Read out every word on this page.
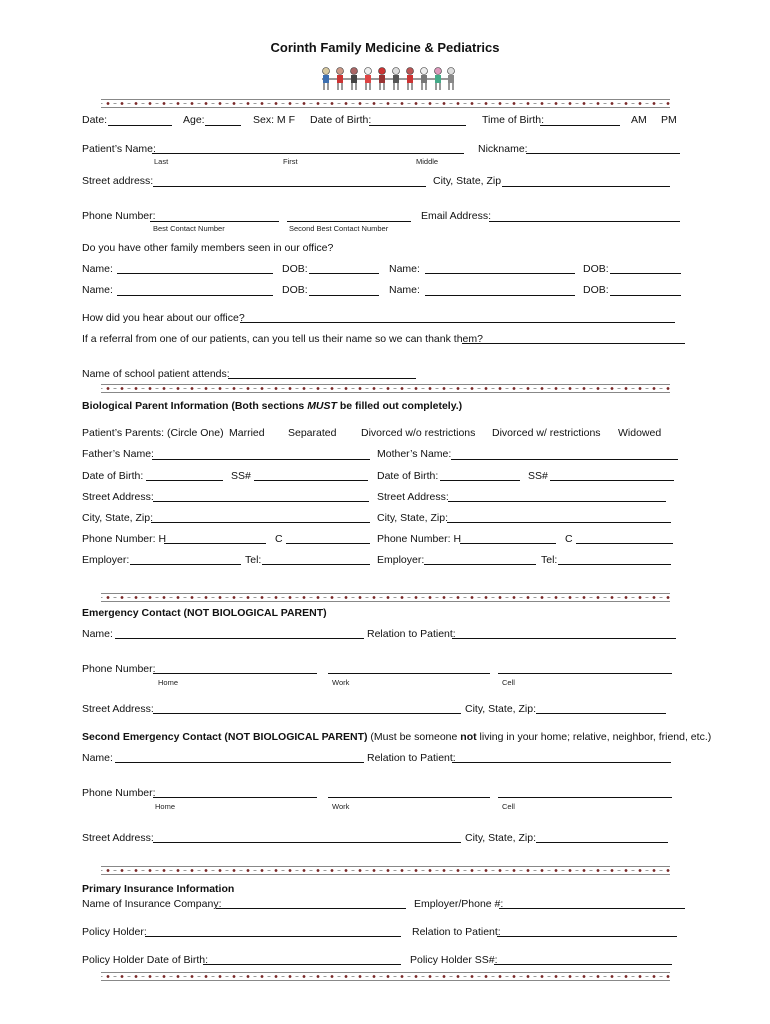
Corinth Family Medicine & Pediatrics
Date:	Age:	Sex: M F Date of Birth:	Time of Birth:	AM PM
Patient’s Name:	Nickname:
Last	First	Middle
Street address:	City, State, Zip
Phone Number:	Email Address:
Best Contact Number	Second Best Contact Number
Do you have other family members seen in our office?
Name:	DOB:	Name:	DOB:
Name:	DOB:	Name:	DOB:
How did you hear about our office?
If a referral from one of our patients, can you tell us their name so we can thank them?
Name of school patient attends:
Biological Parent Information (Both sections MUST be filled out completely.)
Patient’s Parents: (Circle One) Married Separated Divorced w/o restrictions Divorced w/ restrictions Widowed
Father’s Name:	Mother’s Name:
Date of Birth:	SS#	Date of Birth:	SS#
Street Address:	Street Address:
City, State, Zip:	City, State, Zip:
Phone Number: H	C	Phone Number: H	C
Employer:	Tel:	Employer:	Tel:
Emergency Contact (NOT BIOLOGICAL PARENT)
Name:	Relation to Patient:
Phone Number:
Home	Work	Cell
Street Address:	City, State, Zip:
Second Emergency Contact (NOT BIOLOGICAL PARENT) (Must be someone not living in your home; relative, neighbor, friend, etc.)
Name:	Relation to Patient:
Phone Number:
Home	Work	Cell
Street Address:	City, State, Zip:
Primary Insurance Information
Name of Insurance Company:	Employer/Phone #:
Policy Holder:	Relation to Patient:
Policy Holder Date of Birth:	Policy Holder SS#:
